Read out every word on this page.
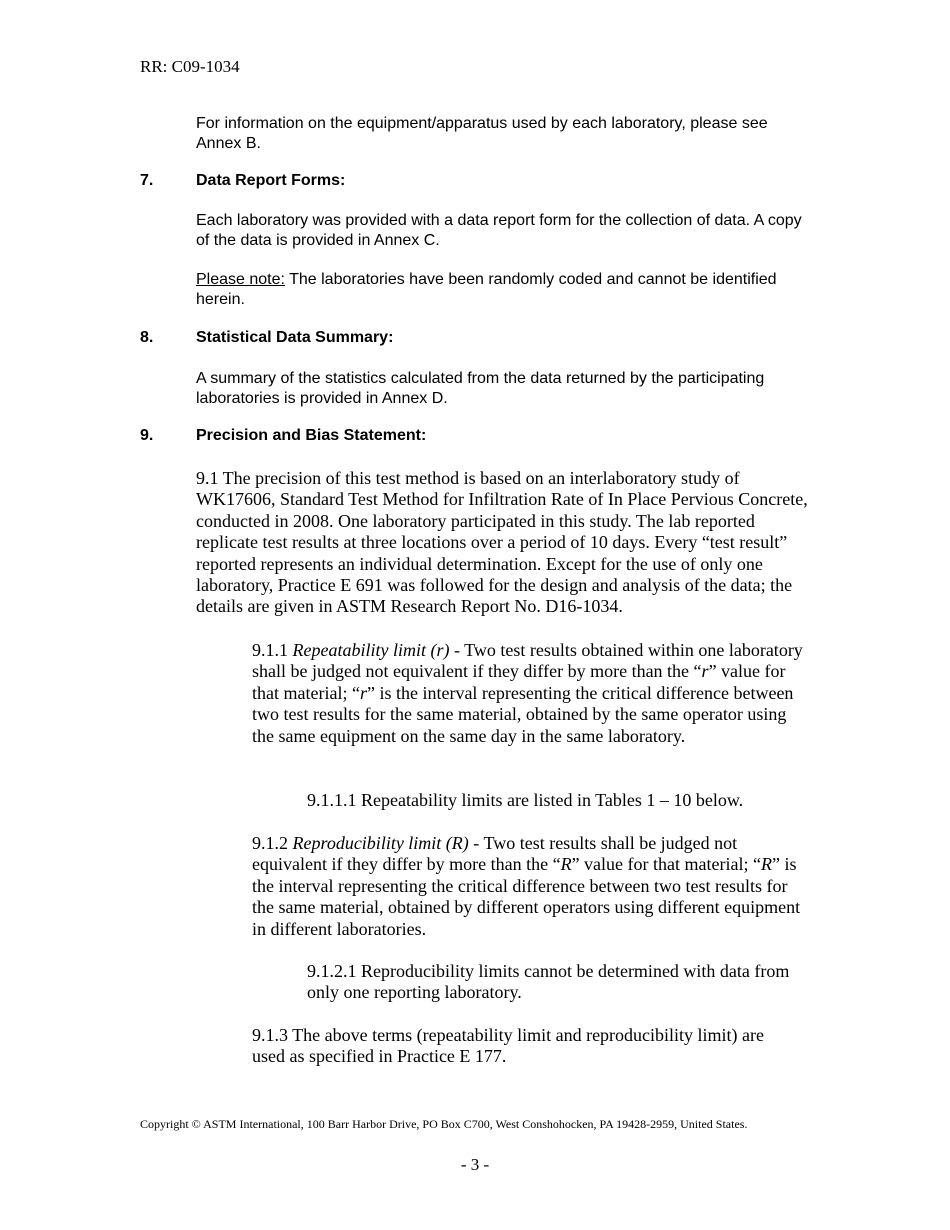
RR: C09-1034
For information on the equipment/apparatus used by each laboratory, please see Annex B.
7.	Data Report Forms:
Each laboratory was provided with a data report form for the collection of data. A copy of the data is provided in Annex C.
Please note: The laboratories have been randomly coded and cannot be identified herein.
8.	Statistical Data Summary:
A summary of the statistics calculated from the data returned by the participating laboratories is provided in Annex D.
9.	Precision and Bias Statement:
9.1 The precision of this test method is based on an interlaboratory study of WK17606, Standard Test Method for Infiltration Rate of In Place Pervious Concrete, conducted in 2008. One laboratory participated in this study. The lab reported replicate test results at three locations over a period of 10 days. Every “test result” reported represents an individual determination. Except for the use of only one laboratory, Practice E 691 was followed for the design and analysis of the data; the details are given in ASTM Research Report No. D16-1034.
9.1.1 Repeatability limit (r) - Two test results obtained within one laboratory shall be judged not equivalent if they differ by more than the “r” value for that material; “r” is the interval representing the critical difference between two test results for the same material, obtained by the same operator using the same equipment on the same day in the same laboratory.
9.1.1.1 Repeatability limits are listed in Tables 1 – 10 below.
9.1.2 Reproducibility limit (R) - Two test results shall be judged not equivalent if they differ by more than the “R” value for that material; “R” is the interval representing the critical difference between two test results for the same material, obtained by different operators using different equipment in different laboratories.
9.1.2.1 Reproducibility limits cannot be determined with data from only one reporting laboratory.
9.1.3 The above terms (repeatability limit and reproducibility limit) are used as specified in Practice E 177.
Copyright © ASTM International, 100 Barr Harbor Drive, PO Box C700, West Conshohocken, PA 19428-2959, United States.
- 3 -
